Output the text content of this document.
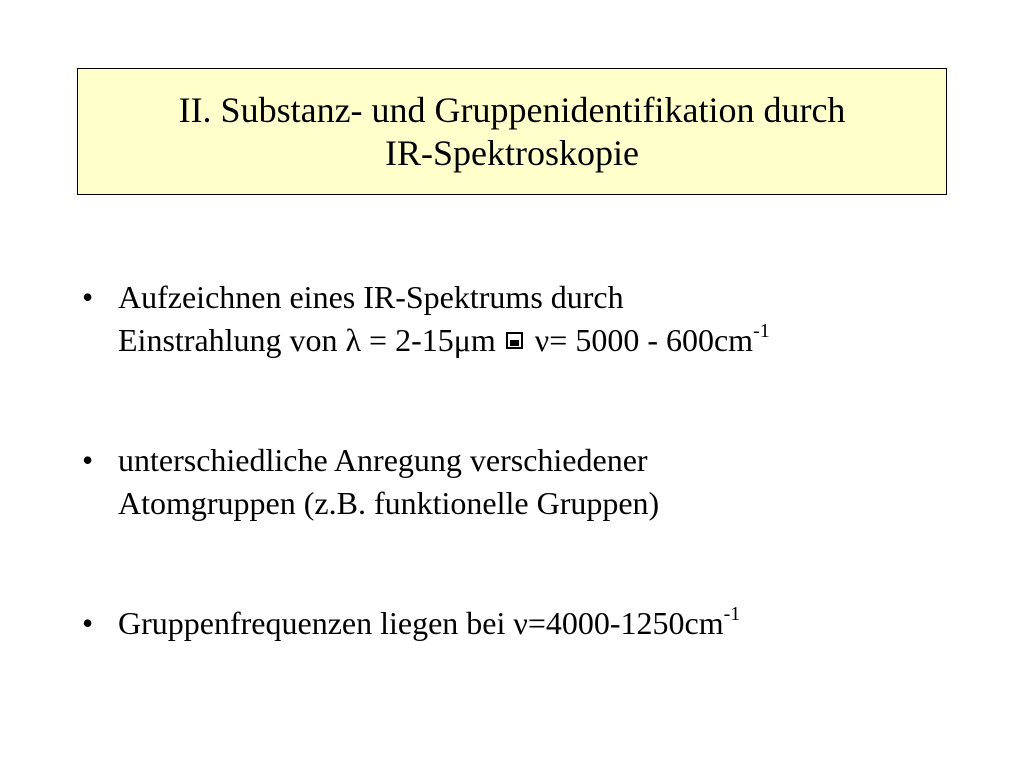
II. Substanz- und Gruppenidentifikation durch
IR-Spektroskopie
• Aufzeichnen eines IR-Spektrums durch
Einstrahlung von λ = 2-15μm $\nu= 5000 - 600cm^{-1}$
• unterschiedliche Anregung verschiedener
Atomgruppen (z.B. funktionelle Gruppen)
• Gruppenfrequenzen liegen bei $\nu=4000-1250cm^{-1}$
